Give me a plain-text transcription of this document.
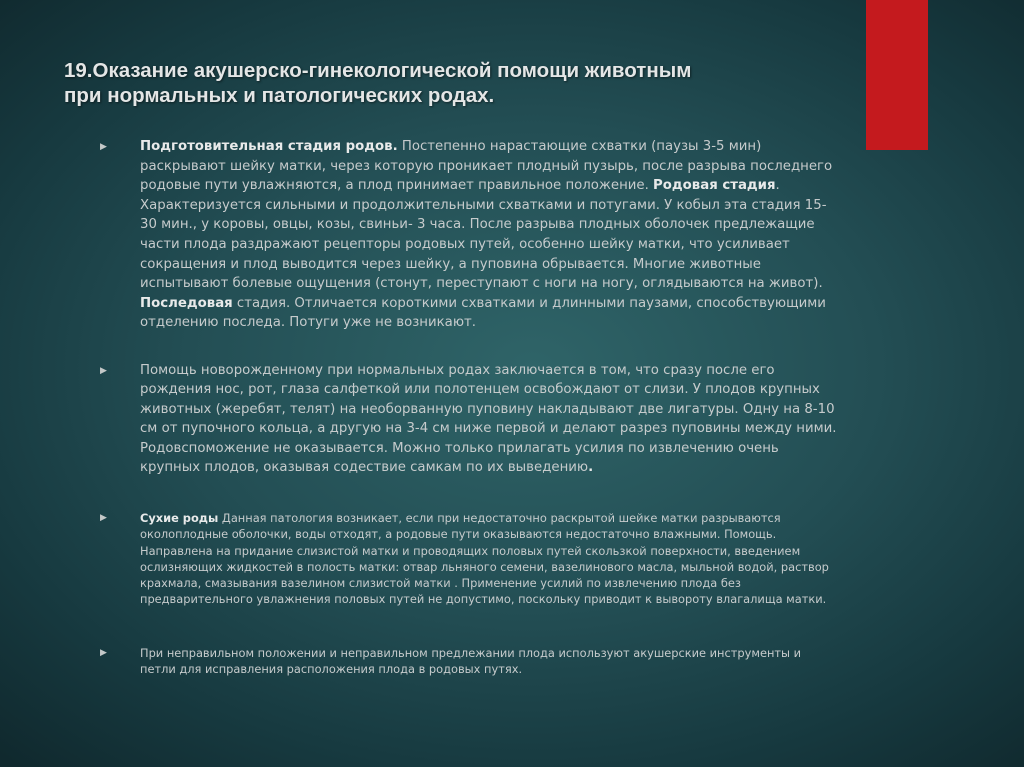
19.Оказание акушерско-гинекологической помощи животным
при нормальных и патологических родах.
▶ Подготовительная стадия родов. Постепенно нарастающие схватки (паузы 3-5 мин) раскрывают шейку матки, через которую проникает плодный пузырь, после разрыва последнего родовые пути увлажняются, а плод принимает правильное положение. Родовая стадия. Характеризуется сильными и продолжительными схватками и потугами. У кобыл эта стадия 15-30 мин., у коровы, овцы, козы, свиньи- 3 часа. После разрыва плодных оболочек предлежащие части плода раздражают рецепторы родовых путей, особенно шейку матки, что усиливает сокращения и плод выводится через шейку, а пуповина обрывается. Многие животные испытывают болевые ощущения (стонут, переступают с ноги на ногу, оглядываются на живот). Последовая стадия. Отличается короткими схватками и длинными паузами, способствующими отделению последа. Потуги уже не возникают.
▶ Помощь новорожденному при нормальных родах заключается в том, что сразу после его рождения нос, рот, глаза салфеткой или полотенцем освобождают от слизи. У плодов крупных животных (жеребят, телят) на необорванную пуповину накладывают две лигатуры. Одну на 8-10 см от пупочного кольца, а другую на 3-4 см ниже первой и делают разрез пуповины между ними. Родовспоможение не оказывается. Можно только прилагать усилия по извлечению очень крупных плодов, оказывая содествие самкам по их выведению.
▶	Сухие роды Данная патология возникает, если при недостаточно раскрытой шейке матки разрываются околоплодные оболочки, воды отходят, а родовые пути оказываются недостаточно влажными. Помощь. Направлена на придание слизистой матки и проводящих половых путей скользкой поверхности, введением ослизняющих жидкостей в полость матки: отвар льняного семени, вазелинового масла, мыльной водой, раствор крахмала, смазывания вазелином слизистой матки . Применение усилий по извлечению плода без предварительного увлажнения половых путей не допустимо, поскольку приводит к вывороту влагалища матки.
▶	При неправильном положении и неправильном предлежании плода используют акушерские инструменты и петли для исправления расположения плода в родовых путях.
